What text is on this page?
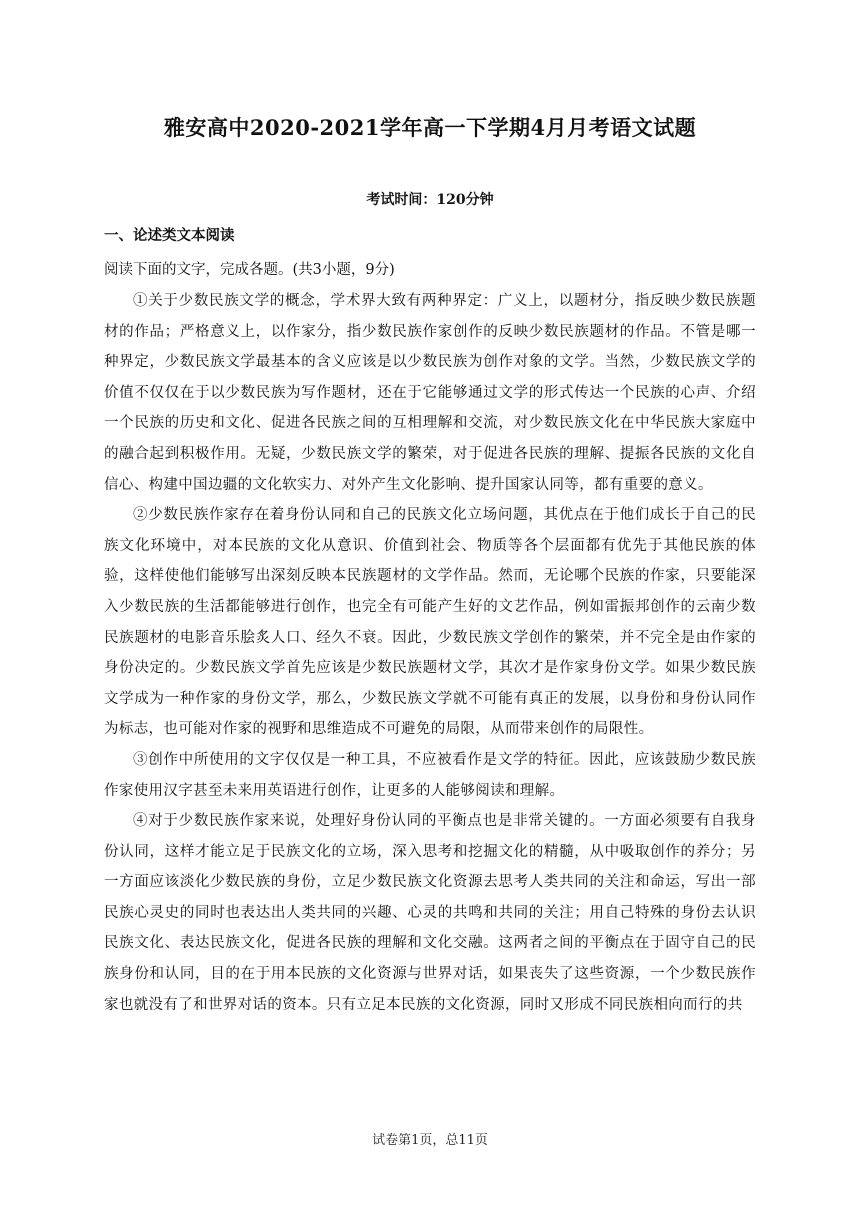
雅安高中2020-2021学年高一下学期4月月考语文试题
考试时间：120分钟
一、论述类文本阅读
阅读下面的文字，完成各题。(共3小题，9分)

①关于少数民族文学的概念，学术界大致有两种界定：广义上，以题材分，指反映少数民族题材的作品；严格意义上，以作家分，指少数民族作家创作的反映少数民族题材的作品。不管是哪一种界定，少数民族文学最基本的含义应该是以少数民族为创作对象的文学。当然，少数民族文学的价值不仅仅在于以少数民族为写作题材，还在于它能够通过文学的形式传达一个民族的心声、介绍一个民族的历史和文化、促进各民族之间的互相理解和交流，对少数民族文化在中华民族大家庭中的融合起到积极作用。无疑，少数民族文学的繁荣，对于促进各民族的理解、提振各民族的文化自信心、构建中国边疆的文化软实力、对外产生文化影响、提升国家认同等，都有重要的意义。

②少数民族作家存在着身份认同和自己的民族文化立场问题，其优点在于他们成长于自己的民族文化环境中，对本民族的文化从意识、价值到社会、物质等各个层面都有优先于其他民族的体验，这样使他们能够写出深刻反映本民族题材的文学作品。然而，无论哪个民族的作家，只要能深入少数民族的生活都能够进行创作，也完全有可能产生好的文艺作品，例如雷振邦创作的云南少数民族题材的电影音乐脍炙人口、经久不衰。因此，少数民族文学创作的繁荣，并不完全是由作家的身份决定的。少数民族文学首先应该是少数民族题材文学，其次才是作家身份文学。如果少数民族文学成为一种作家的身份文学，那么，少数民族文学就不可能有真正的发展，以身份和身份认同作为标志，也可能对作家的视野和思维造成不可避免的局限，从而带来创作的局限性。

③创作中所使用的文字仅仅是一种工具，不应被看作是文学的特征。因此，应该鼓励少数民族作家使用汉字甚至未来用英语进行创作，让更多的人能够阅读和理解。

④对于少数民族作家来说，处理好身份认同的平衡点也是非常关键的。一方面必须要有自我身份认同，这样才能立足于民族文化的立场，深入思考和挖掘文化的精髓，从中吸取创作的养分；另一方面应该淡化少数民族的身份，立足少数民族文化资源去思考人类共同的关注和命运，写出一部民族心灵史的同时也表达出人类共同的兴趣、心灵的共鸣和共同的关注；用自己特殊的身份去认识民族文化、表达民族文化，促进各民族的理解和文化交融。这两者之间的平衡点在于固守自己的民族身份和认同，目的在于用本民族的文化资源与世界对话，如果丧失了这些资源，一个少数民族作家也就没有了和世界对话的资本。只有立足本民族的文化资源，同时又形成不同民族相向而行的共

试卷第1页，总11页
